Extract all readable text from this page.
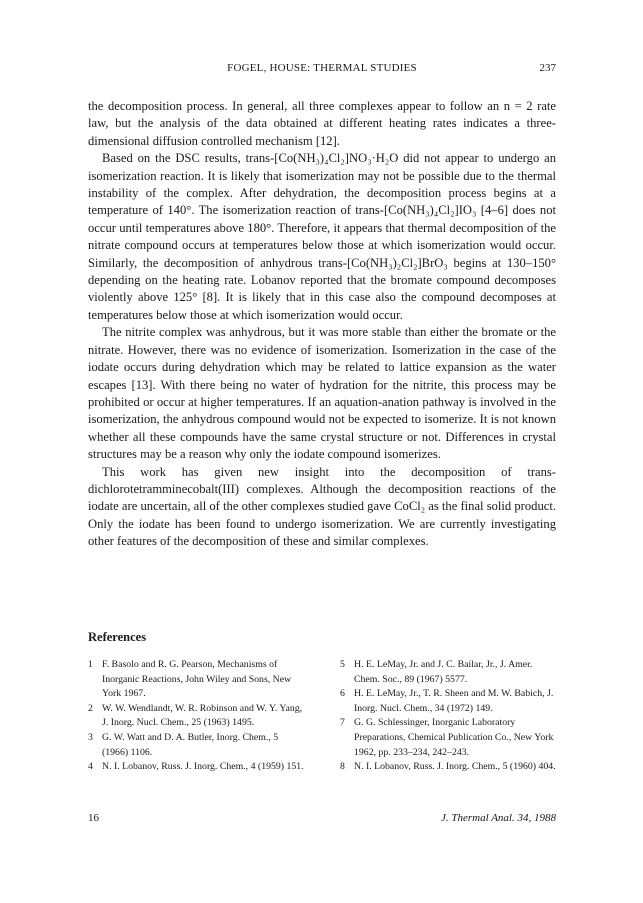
FOGEL, HOUSE: THERMAL STUDIES	237

the decomposition process. In general, all three complexes appear to follow an n = 2 rate law, but the analysis of the data obtained at different heating rates indicates a three-dimensional diffusion controlled mechanism [12].

Based on the DSC results, trans-[Co(NH₃)₄Cl₂]NO₃·H₂O did not appear to undergo an isomerization reaction. It is likely that isomerization may not be possible due to the thermal instability of the complex. After dehydration, the decomposition process begins at a temperature of 140°. The isomerization reaction of trans-[Co(NH₃)₄Cl₂]IO₃ [4–6] does not occur until temperatures above 180°. Therefore, it appears that thermal decomposition of the nitrate compound occurs at temperatures below those at which isomerization would occur. Similarly, the decomposition of anhydrous trans-[Co(NH₃)₂Cl₂]BrO₃ begins at 130–150° depending on the heating rate. Lobanov reported that the bromate compound decomposes violently above 125° [8]. It is likely that in this case also the compound decomposes at temperatures below those at which isomerization would occur.

The nitrite complex was anhydrous, but it was more stable than either the bromate or the nitrate. However, there was no evidence of isomerization. Isomerization in the case of the iodate occurs during dehydration which may be related to lattice expansion as the water escapes [13]. With there being no water of hydration for the nitrite, this process may be prohibited or occur at higher temperatures. If an aquation-anation pathway is involved in the isomerization, the anhydrous compound would not be expected to isomerize. It is not known whether all these compounds have the same crystal structure or not. Differences in crystal structures may be a reason why only the iodate compound isomerizes.

This work has given new insight into the decomposition of trans-dichlorotetramminecobalt(III) complexes. Although the decomposition reactions of the iodate are uncertain, all of the other complexes studied gave CoCl₂ as the final solid product. Only the iodate has been found to undergo isomerization. We are currently investigating other features of the decomposition of these and similar complexes.

References
1 F. Basolo and R. G. Pearson, Mechanisms of Inorganic Reactions, John Wiley and Sons, New York 1967.
2 W. W. Wendlandt, W. R. Robinson and W. Y. Yang, J. Inorg. Nucl. Chem., 25 (1963) 1495.
3 G. W. Watt and D. A. Butler, Inorg. Chem., 5 (1966) 1106.
4 N. I. Lobanov, Russ. J. Inorg. Chem., 4 (1959) 151.
5 H. E. LeMay, Jr. and J. C. Bailar, Jr., J. Amer. Chem. Soc., 89 (1967) 5577.
6 H. E. LeMay, Jr., T. R. Sheen and M. W. Babich, J. Inorg. Nucl. Chem., 34 (1972) 149.
7 G. G. Schlessinger, Inorganic Laboratory Preparations, Chemical Publication Co., New York 1962, pp. 233–234, 242–243.
8 N. I. Lobanov, Russ. J. Inorg. Chem., 5 (1960) 404.
16	J. Thermal Anal. 34, 1988
